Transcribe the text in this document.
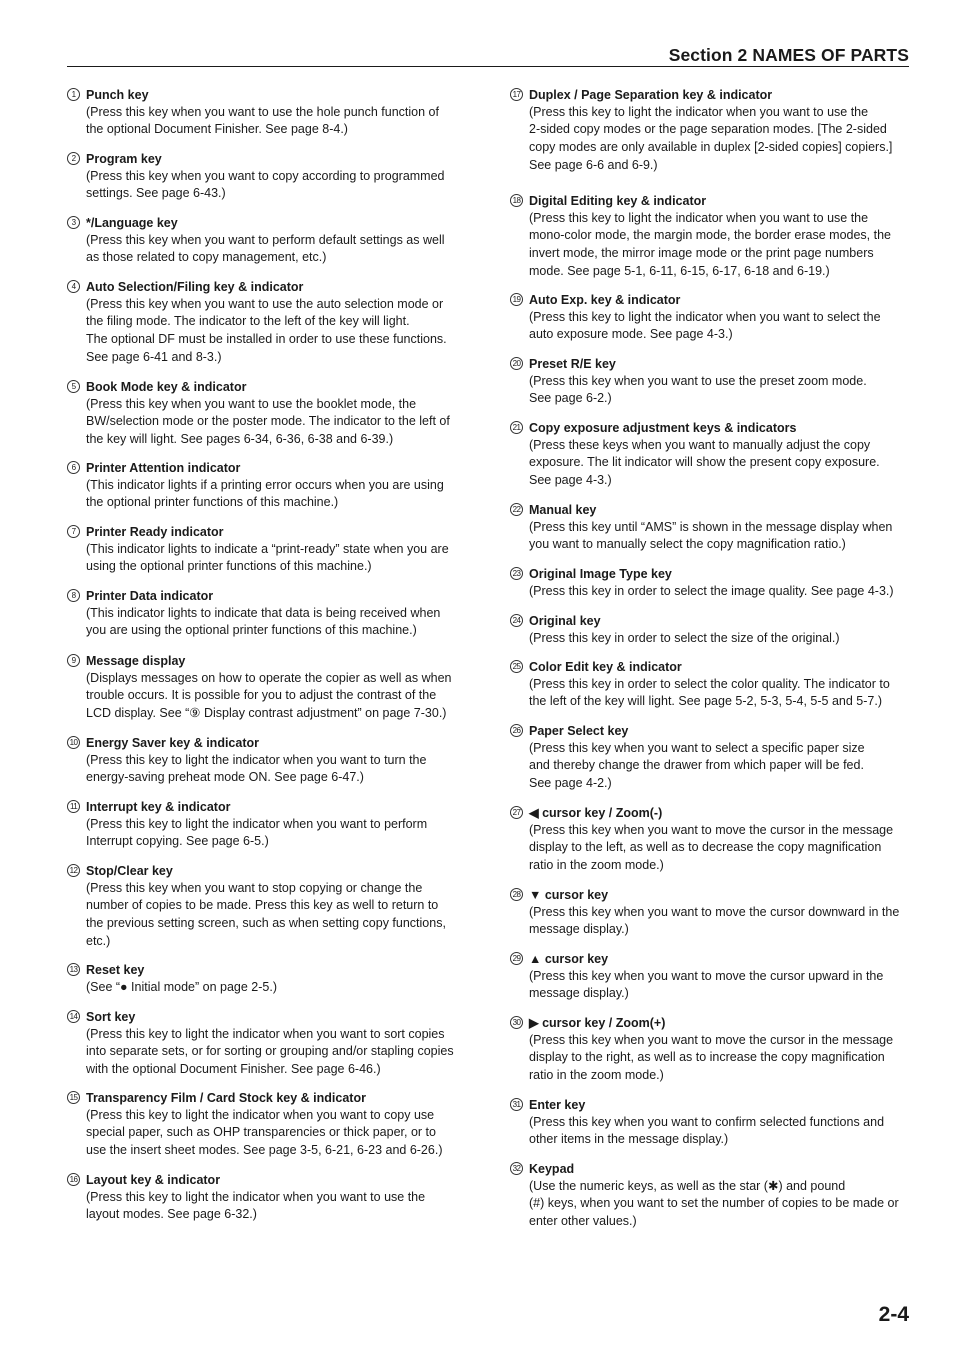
Section 2 NAMES OF PARTS
1 Punch key
(Press this key when you want to use the hole punch function of
the optional Document Finisher. See page 8-4.)
2 Program key
(Press this key when you want to copy according to programmed
settings. See page 6-43.)
3 */Language key
(Press this key when you want to perform default settings as well
as those related to copy management, etc.)
4 Auto Selection/Filing key & indicator
(Press this key when you want to use the auto selection mode or
the filing mode. The indicator to the left of the key will light.
The optional DF must be installed in order to use these functions.
See page 6-41 and 8-3.)
5 Book Mode key & indicator
(Press this key when you want to use the booklet mode, the
BW/selection mode or the poster mode. The indicator to the left of
the key will light. See pages 6-34, 6-36, 6-38 and 6-39.)
6 Printer Attention indicator
(This indicator lights if a printing error occurs when you are using
the optional printer functions of this machine.)
7 Printer Ready indicator
(This indicator lights to indicate a “print-ready” state when you are
using the optional printer functions of this machine.)
8 Printer Data indicator
(This indicator lights to indicate that data is being received when
you are using the optional printer functions of this machine.)
9 Message display
(Displays messages on how to operate the copier as well as when
trouble occurs. It is possible for you to adjust the contrast of the
LCD display. See “⑨ Display contrast adjustment” on page 7-30.)
10 Energy Saver key & indicator
(Press this key to light the indicator when you want to turn the
energy-saving preheat mode ON. See page 6-47.)
11 Interrupt key & indicator
(Press this key to light the indicator when you want to perform
Interrupt copying. See page 6-5.)
12 Stop/Clear key
(Press this key when you want to stop copying or change the
number of copies to be made. Press this key as well to return to
the previous setting screen, such as when setting copy functions,
etc.)
13 Reset key
(See “● Initial mode” on page 2-5.)
14 Sort key
(Press this key to light the indicator when you want to sort copies
into separate sets, or for sorting or grouping and/or stapling copies
with the optional Document Finisher. See page 6-46.)
15 Transparency Film / Card Stock key & indicator
(Press this key to light the indicator when you want to copy use
special paper, such as OHP transparencies or thick paper, or to
use the insert sheet modes. See page 3-5, 6-21, 6-23 and 6-26.)
16 Layout key & indicator
(Press this key to light the indicator when you want to use the
layout modes. See page 6-32.)
17 Duplex / Page Separation key & indicator
(Press this key to light the indicator when you want to use the
2-sided copy modes or the page separation modes. [The 2-sided
copy modes are only available in duplex [2-sided copies] copiers.]
See page 6-6 and 6-9.)
18 Digital Editing key & indicator
(Press this key to light the indicator when you want to use the
mono-color mode, the margin mode, the border erase modes, the
invert mode, the mirror image mode or the print page numbers
mode. See page 5-1, 6-11, 6-15, 6-17, 6-18 and 6-19.)
19 Auto Exp. key & indicator
(Press this key to light the indicator when you want to select the
auto exposure mode. See page 4-3.)
20 Preset R/E key
(Press this key when you want to use the preset zoom mode.
See page 6-2.)
21 Copy exposure adjustment keys & indicators
(Press these keys when you want to manually adjust the copy
exposure. The lit indicator will show the present copy exposure.
See page 4-3.)
22 Manual key
(Press this key until “AMS” is shown in the message display when
you want to manually select the copy magnification ratio.)
23 Original Image Type key
(Press this key in order to select the image quality. See page 4-3.)
24 Original key
(Press this key in order to select the size of the original.)
25 Color Edit key & indicator
(Press this key in order to select the color quality. The indicator to
the left of the key will light. See page 5-2, 5-3, 5-4, 5-5 and 5-7.)
26 Paper Select key
(Press this key when you want to select a specific paper size
and thereby change the drawer from which paper will be fed.
See page 4-2.)
27 ◀ cursor key / Zoom(-)
(Press this key when you want to move the cursor in the message
display to the left, as well as to decrease the copy magnification
ratio in the zoom mode.)
28 ▼ cursor key
(Press this key when you want to move the cursor downward in the
message display.)
29 ▲ cursor key
(Press this key when you want to move the cursor upward in the
message display.)
30 ▶ cursor key / Zoom(+)
(Press this key when you want to move the cursor in the message
display to the right, as well as to increase the copy magnification
ratio in the zoom mode.)
31 Enter key
(Press this key when you want to confirm selected functions and
other items in the message display.)
32 Keypad
(Use the numeric keys, as well as the star (✱) and pound
(#) keys, when you want to set the number of copies to be made or
enter other values.)
2-4
